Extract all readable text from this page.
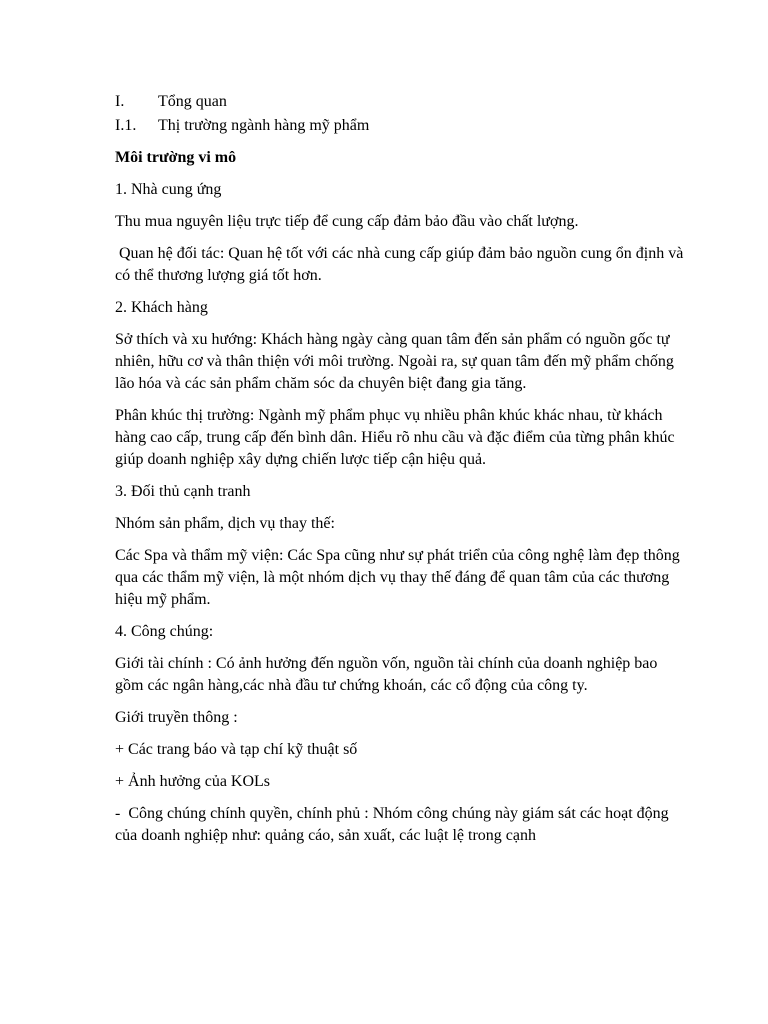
I.	Tổng quan
I.1.	Thị trường ngành hàng mỹ phẩm

Môi trường vi mô

1. Nhà cung ứng

Thu mua nguyên liệu trực tiếp để cung cấp đảm bảo đầu vào chất lượng.

Quan hệ đối tác: Quan hệ tốt với các nhà cung cấp giúp đảm bảo nguồn cung ổn định và có thể thương lượng giá tốt hơn.

2. Khách hàng

Sở thích và xu hướng: Khách hàng ngày càng quan tâm đến sản phẩm có nguồn gốc tự nhiên, hữu cơ và thân thiện với môi trường. Ngoài ra, sự quan tâm đến mỹ phẩm chống lão hóa và các sản phẩm chăm sóc da chuyên biệt đang gia tăng.

Phân khúc thị trường: Ngành mỹ phẩm phục vụ nhiều phân khúc khác nhau, từ khách hàng cao cấp, trung cấp đến bình dân. Hiểu rõ nhu cầu và đặc điểm của từng phân khúc giúp doanh nghiệp xây dựng chiến lược tiếp cận hiệu quả.

3. Đối thủ cạnh tranh

Nhóm sản phẩm, dịch vụ thay thế:

Các Spa và thẩm mỹ viện: Các Spa cũng như sự phát triển của công nghệ làm đẹp thông qua các thẩm mỹ viện, là một nhóm dịch vụ thay thế đáng để quan tâm của các thương hiệu mỹ phẩm.

4. Công chúng:

Giới tài chính : Có ảnh hưởng đến nguồn vốn, nguồn tài chính của doanh nghiệp bao gồm các ngân hàng,các nhà đầu tư chứng khoán, các cổ động của công ty.

Giới truyền thông :

+ Các trang báo và tạp chí kỹ thuật số

+ Ảnh hưởng của KOLs

-  Công chúng chính quyền, chính phủ : Nhóm công chúng này giám sát các hoạt động của doanh nghiệp như: quảng cáo, sản xuất, các luật lệ trong cạnh
